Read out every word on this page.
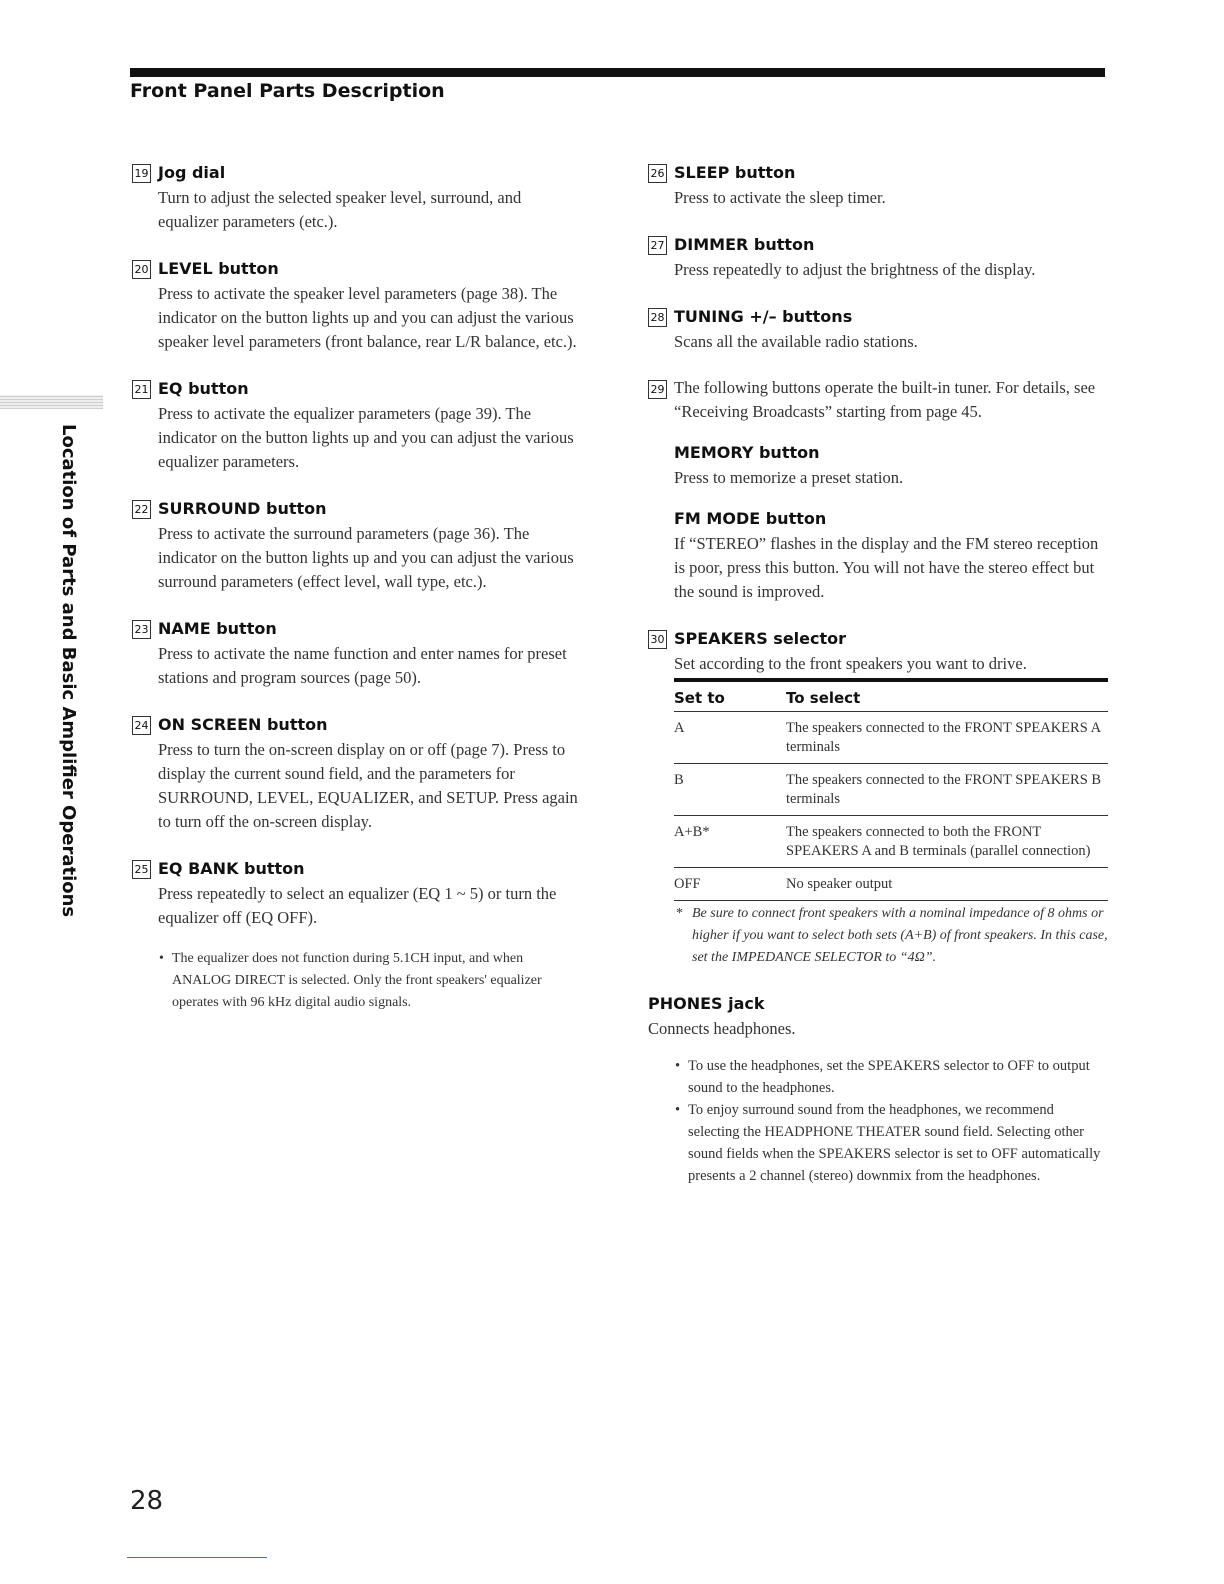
Front Panel Parts Description
Location of Parts and Basic Amplifier Operations
19 Jog dial

Turn to adjust the selected speaker level, surround, and equalizer parameters (etc.).

20 LEVEL button

Press to activate the speaker level parameters (page 38). The indicator on the button lights up and you can adjust the various speaker level parameters (front balance, rear L/R balance, etc.).

21 EQ button

Press to activate the equalizer parameters (page 39). The indicator on the button lights up and you can adjust the various equalizer parameters.

22 SURROUND button

Press to activate the surround parameters (page 36). The indicator on the button lights up and you can adjust the various surround parameters (effect level, wall type, etc.).

23 NAME button

Press to activate the name function and enter names for preset stations and program sources (page 50).

24 ON SCREEN button

Press to turn the on-screen display on or off (page 7). Press to display the current sound field, and the parameters for SURROUND, LEVEL, EQUALIZER, and SETUP. Press again to turn off the on-screen display.

25 EQ BANK button

Press repeatedly to select an equalizer (EQ 1 ~ 5) or turn the equalizer off (EQ OFF).

• The equalizer does not function during 5.1CH input, and when ANALOG DIRECT is selected. Only the front speakers' equalizer operates with 96 kHz digital audio signals.

26 SLEEP button

Press to activate the sleep timer.

27 DIMMER button

Press repeatedly to adjust the brightness of the display.

28 TUNING +/– buttons

Scans all the available radio stations.

29 The following buttons operate the built-in tuner. For details, see “Receiving Broadcasts” starting from page 45.
MEMORY button

Press to memorize a preset station.

FM MODE button

If “STEREO” flashes in the display and the FM stereo reception is poor, press this button. You will not have the stereo effect but the sound is improved.

30 SPEAKERS selector

Set according to the front speakers you want to drive.

Set to	To select
A	The speakers connected to the FRONT SPEAKERS A terminals
B	The speakers connected to the FRONT SPEAKERS B terminals
A+B*	The speakers connected to both the FRONT SPEAKERS A and B terminals (parallel connection)
OFF	No speaker output

* Be sure to connect front speakers with a nominal impedance of 8 ohms or higher if you want to select both sets (A+B) of front speakers. In this case, set the IMPEDANCE SELECTOR to “4Ω”.

PHONES jack

Connects headphones.

• To use the headphones, set the SPEAKERS selector to OFF to output sound to the headphones.
• To enjoy surround sound from the headphones, we recommend selecting the HEADPHONE THEATER sound field. Selecting other sound fields when the SPEAKERS selector is set to OFF automatically presents a 2 channel (stereo) downmix from the headphones.

28
